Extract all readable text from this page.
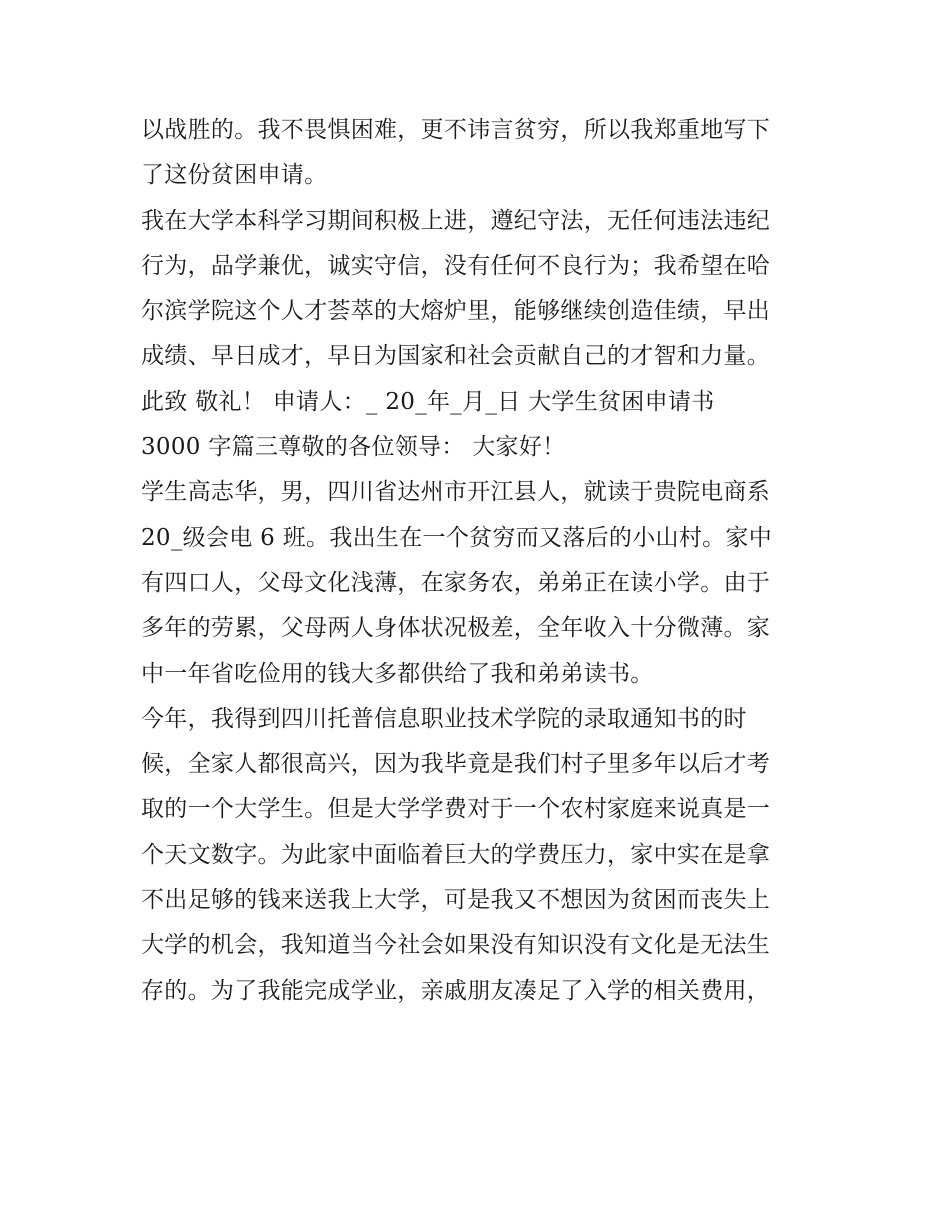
以战胜的。我不畏惧困难，更不讳言贫穷，所以我郑重地写下
了这份贫困申请。
我在大学本科学习期间积极上进，遵纪守法，无任何违法违纪
行为，品学兼优，诚实守信，没有任何不良行为；我希望在哈
尔滨学院这个人才荟萃的大熔炉里，能够继续创造佳绩，早出
成绩、早日成才，早日为国家和社会贡献自己的才智和力量。
此致 敬礼！ 申请人：_ 20_年_月_日 大学生贫困申请书
3000 字篇三尊敬的各位领导： 大家好！
学生高志华，男，四川省达州市开江县人，就读于贵院电商系
20_级会电 6 班。我出生在一个贫穷而又落后的小山村。家中
有四口人，父母文化浅薄，在家务农，弟弟正在读小学。由于
多年的劳累，父母两人身体状况极差，全年收入十分微薄。家
中一年省吃俭用的钱大多都供给了我和弟弟读书。
今年，我得到四川托普信息职业技术学院的录取通知书的时
候，全家人都很高兴，因为我毕竟是我们村子里多年以后才考
取的一个大学生。但是大学学费对于一个农村家庭来说真是一
个天文数字。为此家中面临着巨大的学费压力，家中实在是拿
不出足够的钱来送我上大学，可是我又不想因为贫困而丧失上
大学的机会，我知道当今社会如果没有知识没有文化是无法生
存的。为了我能完成学业，亲戚朋友凑足了入学的相关费用，
